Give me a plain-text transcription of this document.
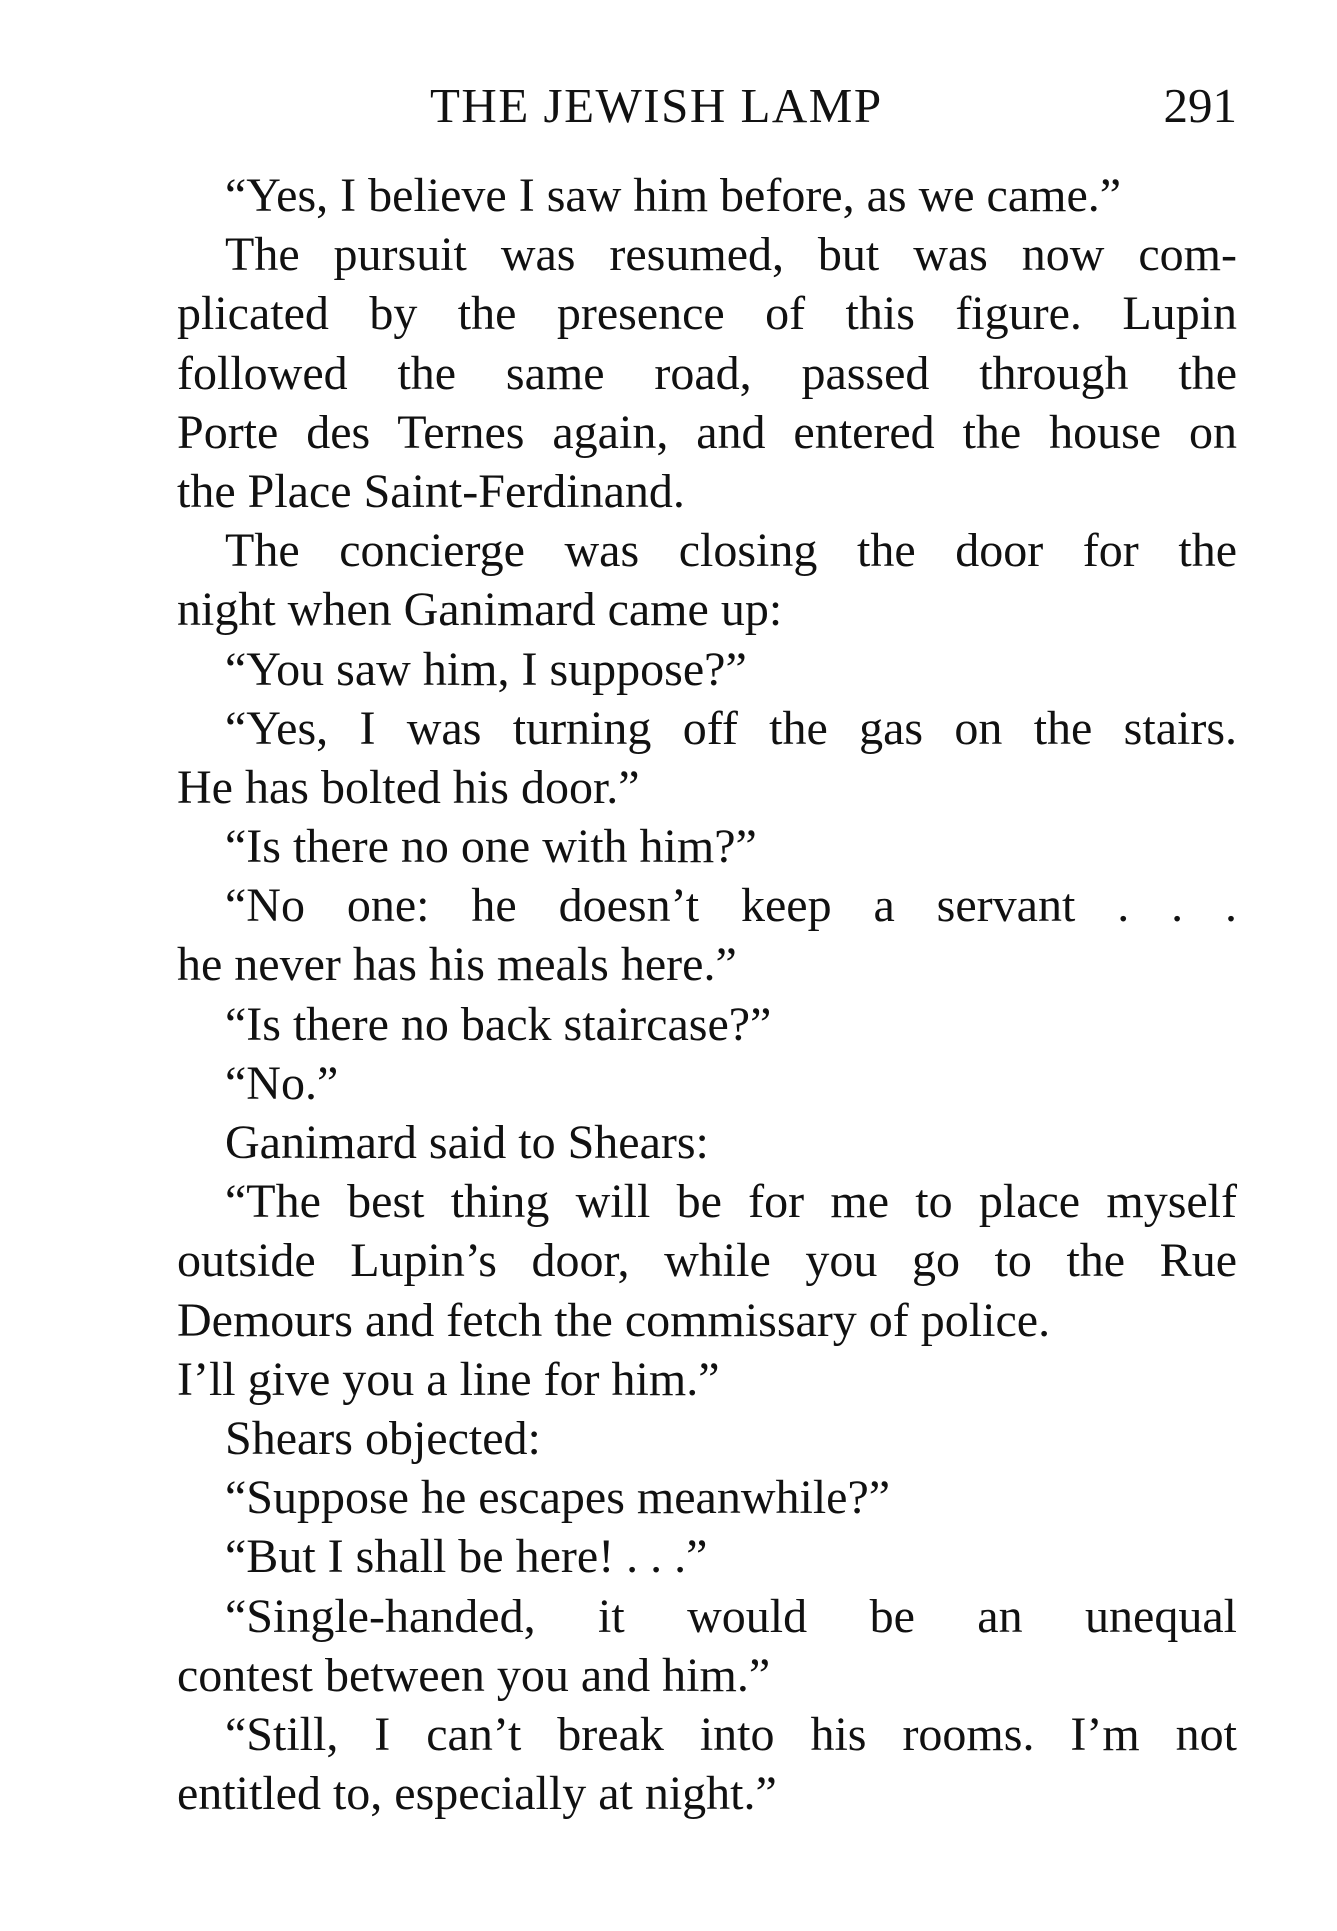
THE JEWISH LAMP	291
“Yes, I believe I saw him before, as we came.”
The pursuit was resumed, but was now com-
plicated by the presence of this figure. Lupin
followed the same road, passed through the
Porte des Ternes again, and entered the house on
the Place Saint-Ferdinand.
The concierge was closing the door for the
night when Ganimard came up:
“You saw him, I suppose?”
“Yes, I was turning off the gas on the stairs.
He has bolted his door.”
“Is there no one with him?”
“No one: he doesn’t keep a servant . . .
he never has his meals here.”
“Is there no back staircase?”
“No.”
Ganimard said to Shears:
“The best thing will be for me to place myself
outside Lupin’s door, while you go to the Rue
Demours and fetch the commissary of police.
I’ll give you a line for him.”
Shears objected:
“Suppose he escapes meanwhile?”
“But I shall be here! . . .”
“Single-handed, it would be an unequal
contest between you and him.”
“Still, I can’t break into his rooms. I’m not
entitled to, especially at night.”
